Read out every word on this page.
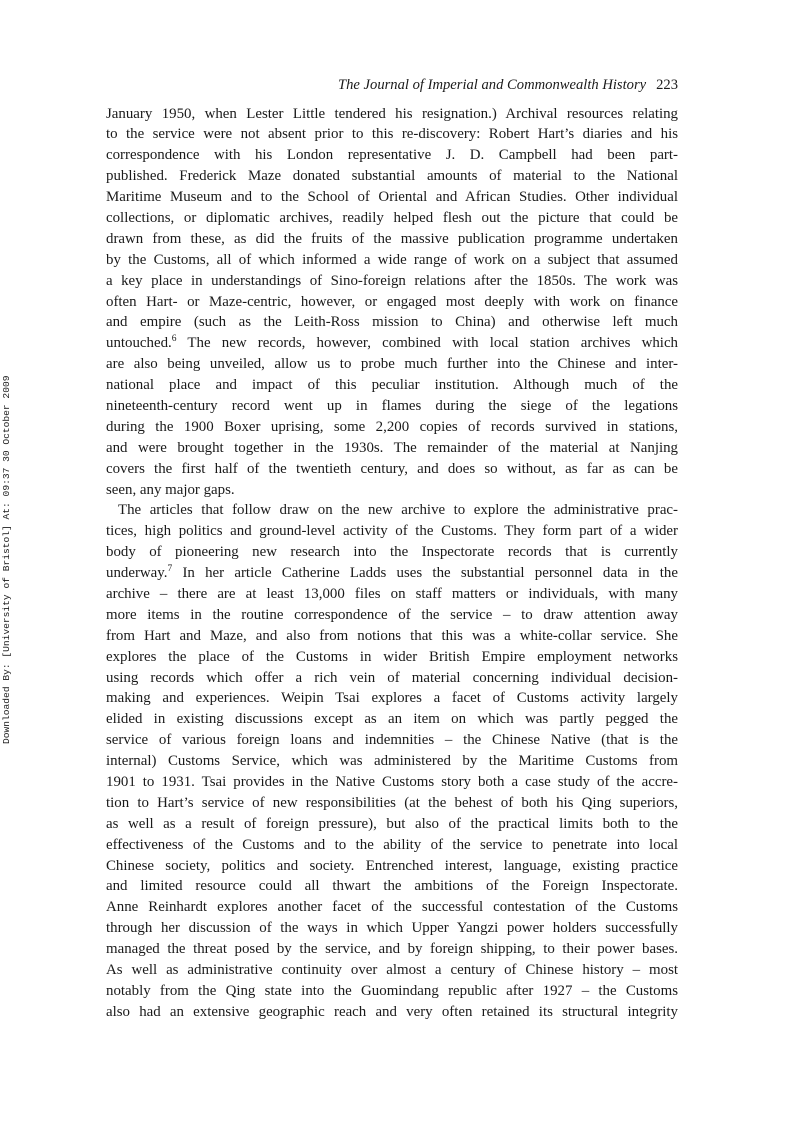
Downloaded By: [University of Bristol] At: 09:37 30 October 2009
The Journal of Imperial and Commonwealth History 223
January 1950, when Lester Little tendered his resignation.) Archival resources relating
to the service were not absent prior to this re-discovery: Robert Hart’s diaries and his
correspondence with his London representative J. D. Campbell had been part-
published. Frederick Maze donated substantial amounts of material to the National
Maritime Museum and to the School of Oriental and African Studies. Other individual
collections, or diplomatic archives, readily helped flesh out the picture that could be
drawn from these, as did the fruits of the massive publication programme undertaken
by the Customs, all of which informed a wide range of work on a subject that assumed
a key place in understandings of Sino-foreign relations after the 1850s. The work was
often Hart- or Maze-centric, however, or engaged most deeply with work on finance
and empire (such as the Leith-Ross mission to China) and otherwise left much
untouched.$^6$ The new records, however, combined with local station archives which
are also being unveiled, allow us to probe much further into the Chinese and inter-
national place and impact of this peculiar institution. Although much of the
nineteenth-century record went up in flames during the siege of the legations
during the 1900 Boxer uprising, some 2,200 copies of records survived in stations,
and were brought together in the 1930s. The remainder of the material at Nanjing
covers the first half of the twentieth century, and does so without, as far as can be
seen, any major gaps.
The articles that follow draw on the new archive to explore the administrative prac-
tices, high politics and ground-level activity of the Customs. They form part of a wider
body of pioneering new research into the Inspectorate records that is currently
underway.$^7$ In her article Catherine Ladds uses the substantial personnel data in the
archive – there are at least 13,000 files on staff matters or individuals, with many
more items in the routine correspondence of the service – to draw attention away
from Hart and Maze, and also from notions that this was a white-collar service. She
explores the place of the Customs in wider British Empire employment networks
using records which offer a rich vein of material concerning individual decision-
making and experiences. Weipin Tsai explores a facet of Customs activity largely
elided in existing discussions except as an item on which was partly pegged the
service of various foreign loans and indemnities – the Chinese Native (that is the
internal) Customs Service, which was administered by the Maritime Customs from
1901 to 1931. Tsai provides in the Native Customs story both a case study of the accre-
tion to Hart’s service of new responsibilities (at the behest of both his Qing superiors,
as well as a result of foreign pressure), but also of the practical limits both to the
effectiveness of the Customs and to the ability of the service to penetrate into local
Chinese society, politics and society. Entrenched interest, language, existing practice
and limited resource could all thwart the ambitions of the Foreign Inspectorate.
Anne Reinhardt explores another facet of the successful contestation of the Customs
through her discussion of the ways in which Upper Yangzi power holders successfully
managed the threat posed by the service, and by foreign shipping, to their power bases.
As well as administrative continuity over almost a century of Chinese history – most
notably from the Qing state into the Guomindang republic after 1927 – the Customs
also had an extensive geographic reach and very often retained its structural integrity
